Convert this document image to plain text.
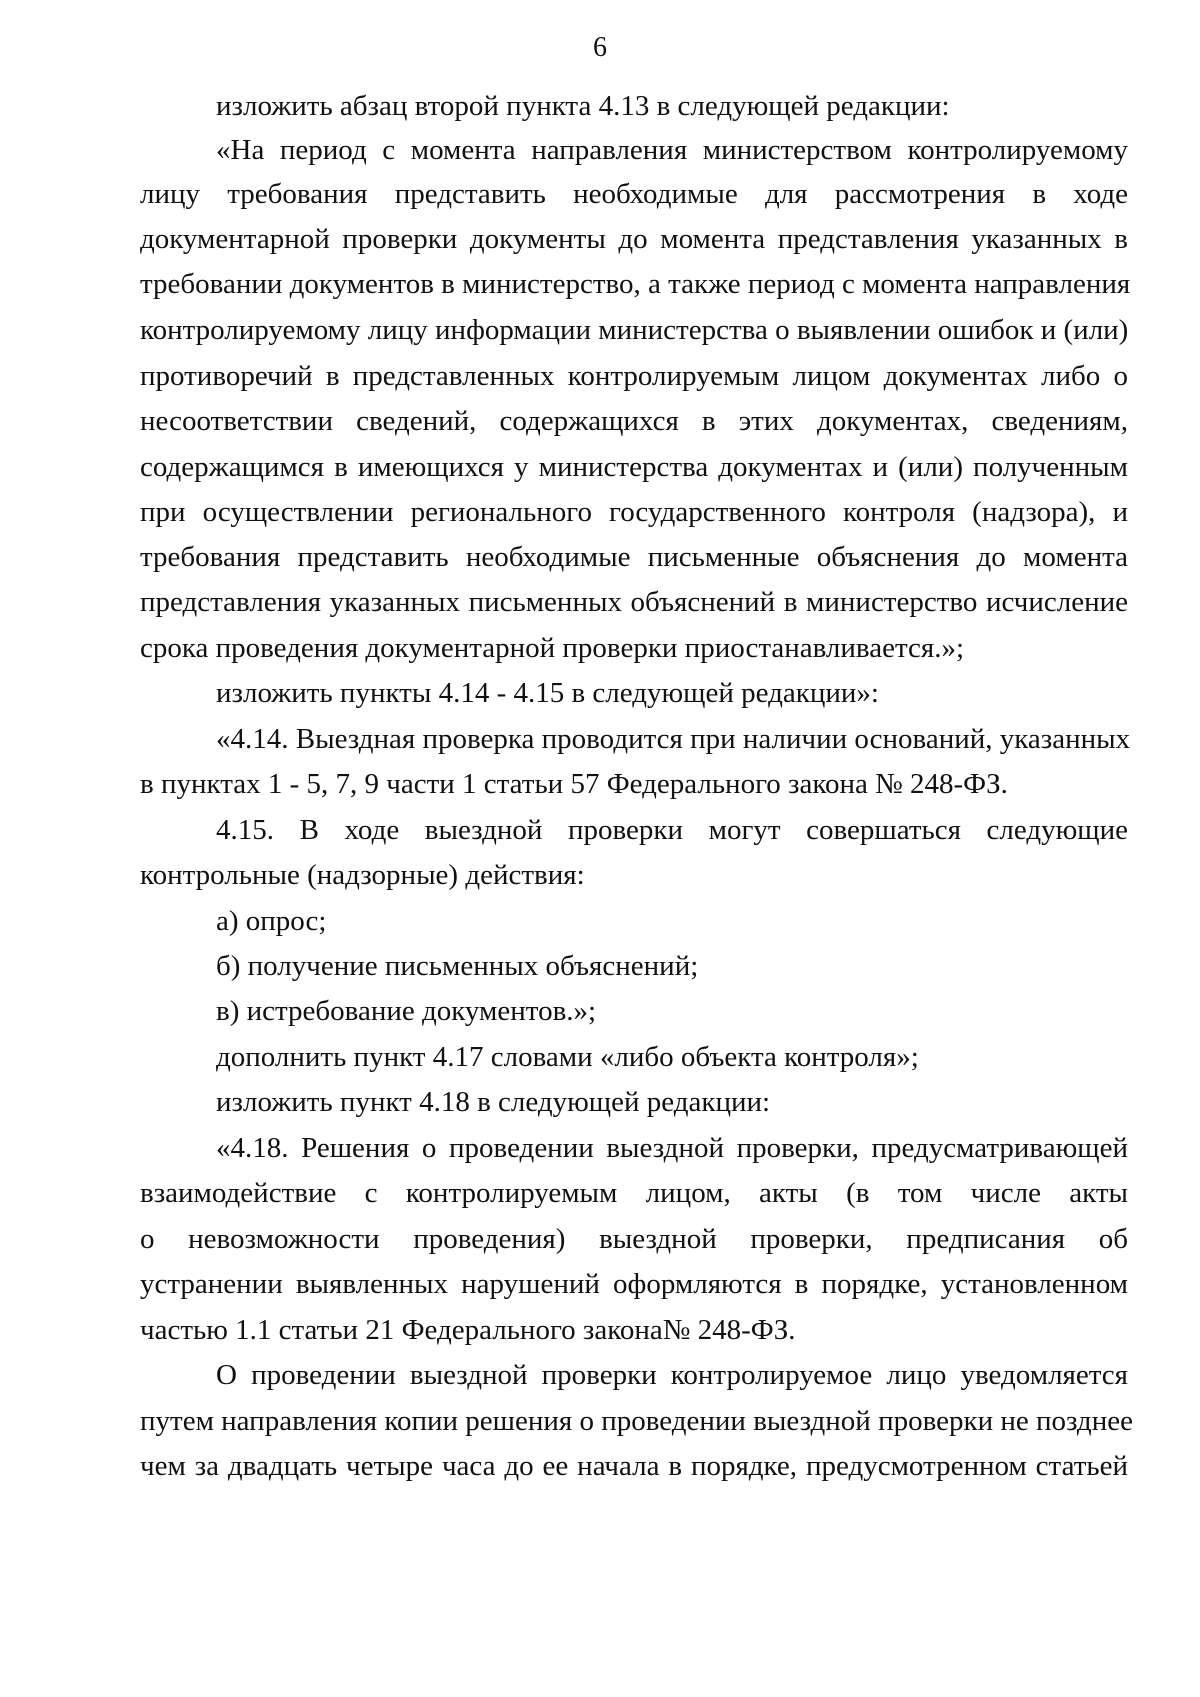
6
изложить абзац второй пункта 4.13 в следующей редакции:
«На период с момента направления министерством контролируемому
лицу требования представить необходимые для рассмотрения в ходе
документарной проверки документы до момента представления указанных в
требовании документов в министерство, а также период с момента направления
контролируемому лицу информации министерства о выявлении ошибок и (или)
противоречий в представленных контролируемым лицом документах либо о
несоответствии сведений, содержащихся в этих документах, сведениям,
содержащимся в имеющихся у министерства документах и (или) полученным
при осуществлении регионального государственного контроля (надзора), и
требования представить необходимые письменные объяснения до момента
представления указанных письменных объяснений в министерство исчисление
срока проведения документарной проверки приостанавливается.»;
изложить пункты 4.14 - 4.15 в следующей редакции»:
«4.14. Выездная проверка проводится при наличии оснований, указанных
в пунктах 1 - 5, 7, 9 части 1 статьи 57 Федерального закона № 248-ФЗ.
4.15. В ходе выездной проверки могут совершаться следующие
контрольные (надзорные) действия:
а) опрос;
б) получение письменных объяснений;
в) истребование документов.»;
дополнить пункт 4.17 словами «либо объекта контроля»;
изложить пункт 4.18 в следующей редакции:
«4.18. Решения о проведении выездной проверки, предусматривающей
взаимодействие с контролируемым лицом, акты (в том числе акты
о невозможности проведения) выездной проверки, предписания об
устранении выявленных нарушений оформляются в порядке, установленном
частью 1.1 статьи 21 Федерального закона№ 248-ФЗ.
О проведении выездной проверки контролируемое лицо уведомляется
путем направления копии решения о проведении выездной проверки не позднее
чем за двадцать четыре часа до ее начала в порядке, предусмотренном статьей
